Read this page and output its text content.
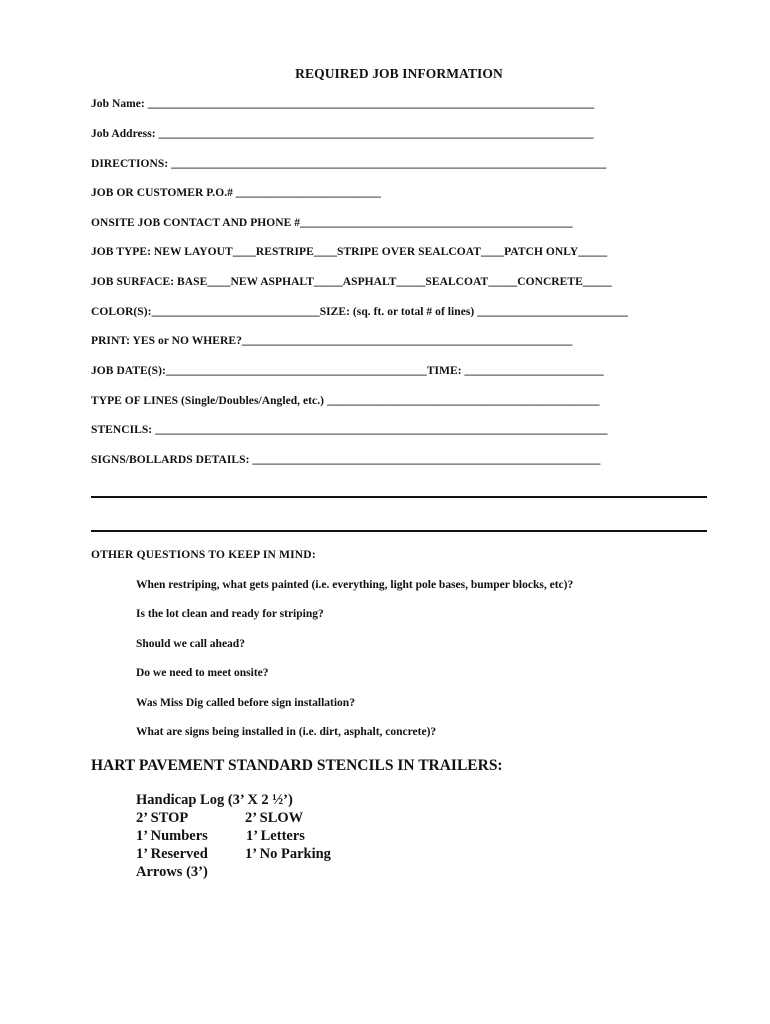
REQUIRED JOB INFORMATION
Job Name: _____________________________________________________________________________
Job Address: ___________________________________________________________________________
DIRECTIONS: ___________________________________________________________________________
JOB OR CUSTOMER P.O.# _________________________
ONSITE JOB CONTACT AND PHONE #_______________________________________________
JOB TYPE: NEW LAYOUT____RESTRIPE____STRIPE OVER SEALCOAT____PATCH ONLY_____
JOB SURFACE: BASE____NEW ASPHALT_____ASPHALT_____SEALCOAT_____CONCRETE_____
COLOR(S):_____________________________SIZE: (sq. ft. or total # of lines) __________________________
PRINT: YES or NO WHERE?_________________________________________________________
JOB DATE(S):_____________________________________________TIME: ________________________
TYPE OF LINES (Single/Doubles/Angled, etc.) _______________________________________________
STENCILS: ______________________________________________________________________________
SIGNS/BOLLARDS DETAILS: ____________________________________________________________
OTHER QUESTIONS TO KEEP IN MIND:
When restriping, what gets painted (i.e. everything, light pole bases, bumper blocks, etc)?
Is the lot clean and ready for striping?
Should we call ahead?
Do we need to meet onsite?
Was Miss Dig called before sign installation?
What are signs being installed in (i.e. dirt, asphalt, concrete)?
HART PAVEMENT STANDARD STENCILS IN TRAILERS:
Handicap Log (3’ X 2 ½’)
2’ STOP	2’ SLOW
1’ Numbers	1’ Letters
1’ Reserved	1’ No Parking
Arrows (3’)
